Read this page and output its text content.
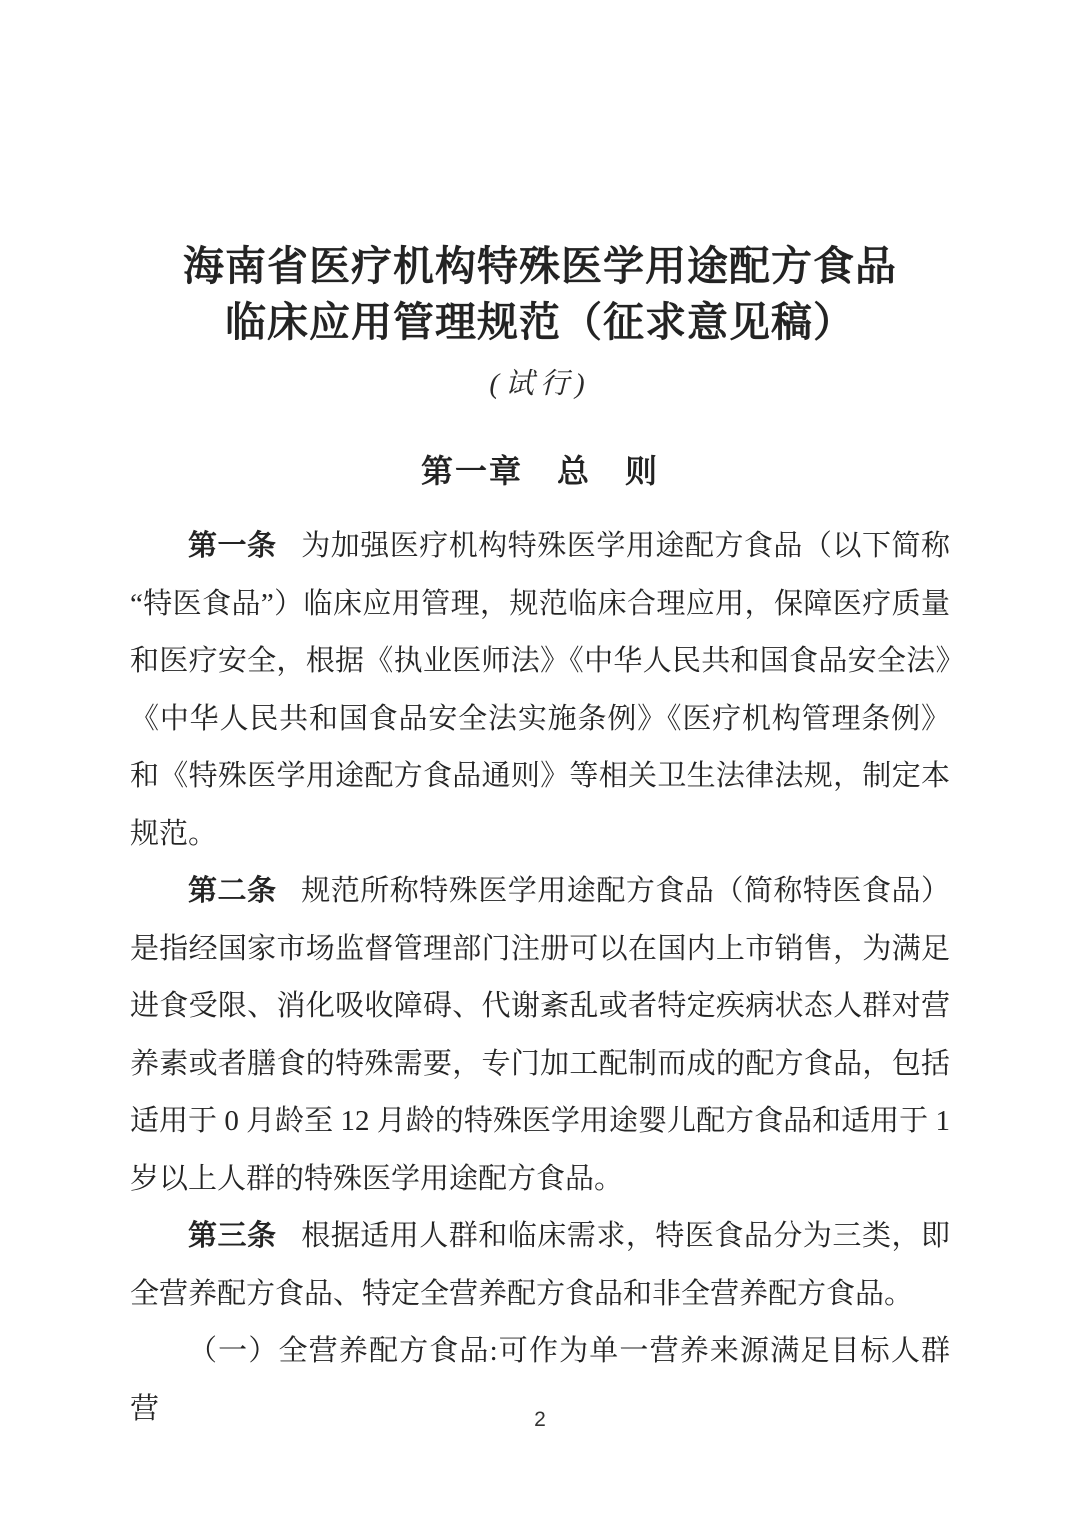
海南省医疗机构特殊医学用途配方食品
临床应用管理规范（征求意见稿）
(试行)
第一章　总　则

第一条 为加强医疗机构特殊医学用途配方食品（以下简称“特医食品”）临床应用管理，规范临床合理应用，保障医疗质量和医疗安全，根据《执业医师法》《中华人民共和国食品安全法》《中华人民共和国食品安全法实施条例》《医疗机构管理条例》和《特殊医学用途配方食品通则》等相关卫生法律法规，制定本规范。

第二条 规范所称特殊医学用途配方食品（简称特医食品）是指经国家市场监督管理部门注册可以在国内上市销售，为满足进食受限、消化吸收障碍、代谢紊乱或者特定疾病状态人群对营养素或者膳食的特殊需要，专门加工配制而成的配方食品，包括适用于 0 月龄至 12 月龄的特殊医学用途婴儿配方食品和适用于 1 岁以上人群的特殊医学用途配方食品。

第三条 根据适用人群和临床需求，特医食品分为三类，即全营养配方食品、特定全营养配方食品和非全营养配方食品。

（一）全营养配方食品:可作为单一营养来源满足目标人群营	2
